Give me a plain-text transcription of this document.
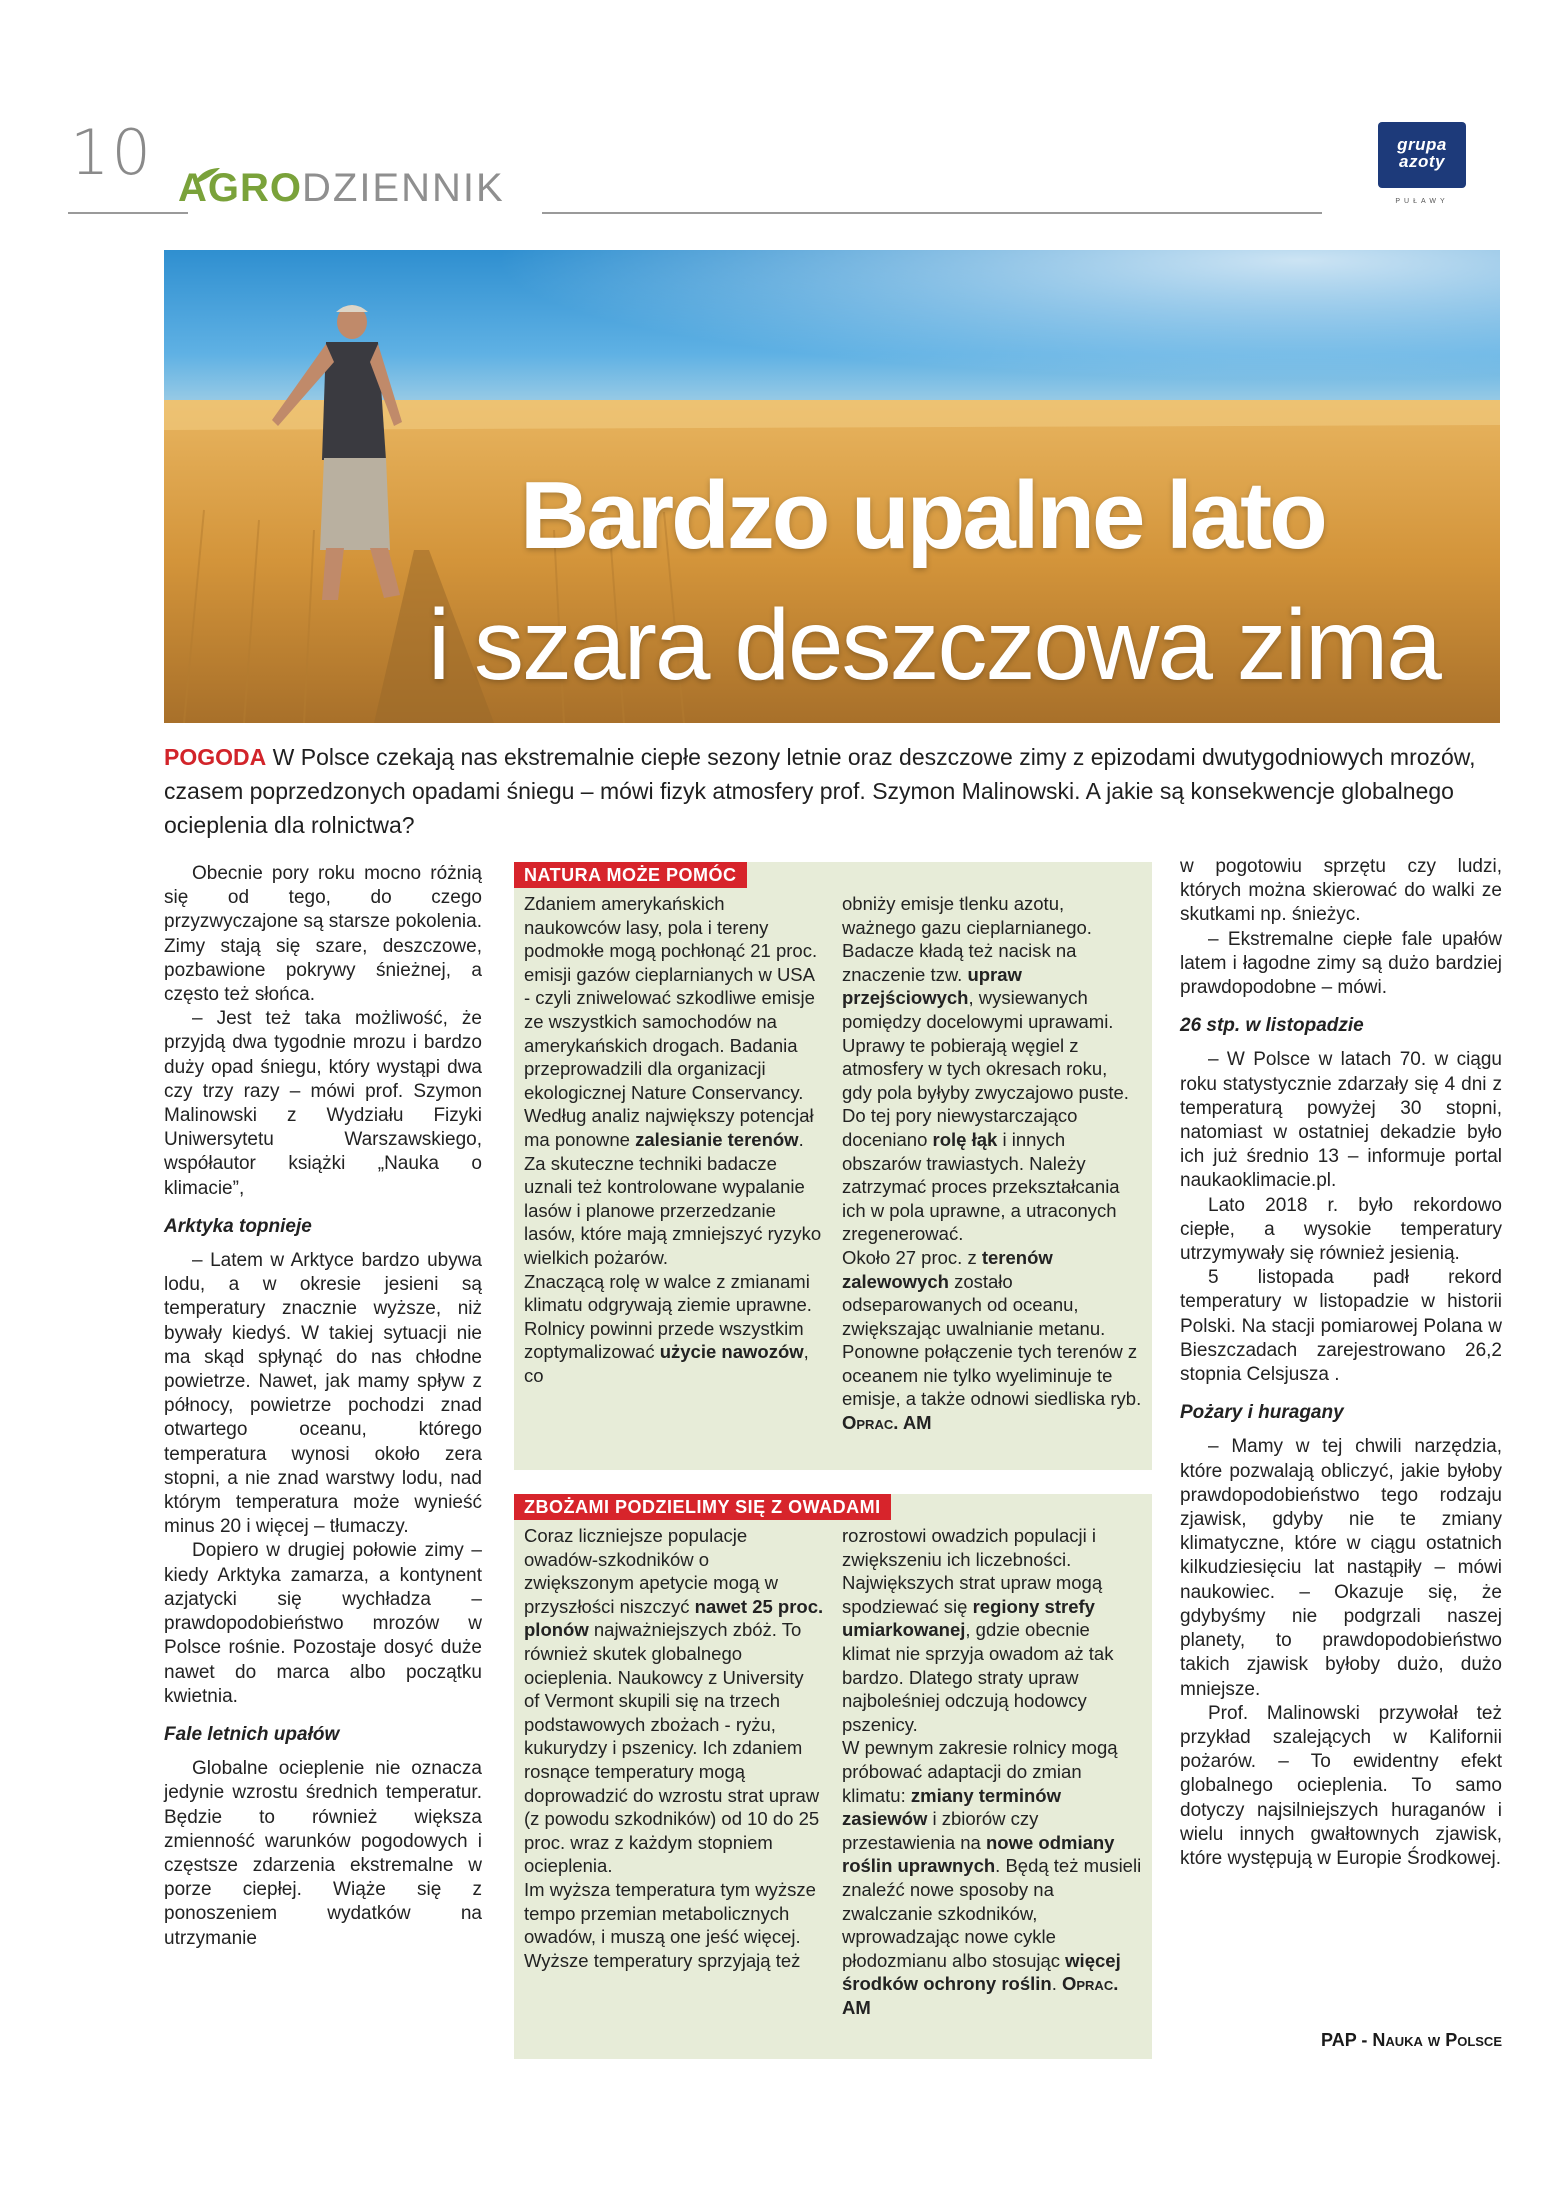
10 AGRODZIENNIK
grupa
azoty
PUŁAWY
Bardzo upalne lato
i szara deszczowa zima
POGODA W Polsce czekają nas ekstremalnie ciepłe sezony letnie oraz deszczowe zimy z epizodami dwutygodniowych mrozów, czasem poprzedzonych opadami śniegu – mówi fizyk atmosfery prof. Szymon Malinowski. A jakie są konsekwencje globalnego ocieplenia dla rolnictwa?

Obecnie pory roku mocno różnią się od tego, do czego przyzwyczajone są starsze pokolenia. Zimy stają się szare, deszczowe, pozbawione pokrywy śnieżnej, a często też słońca.

– Jest też taka możliwość, że przyjdą dwa tygodnie mrozu i bardzo duży opad śniegu, który wystąpi dwa czy trzy razy – mówi prof. Szymon Malinowski z Wydziału Fizyki Uniwersytetu Warszawskiego, współautor książki „Nauka o klimacie”,

Arktyka topnieje

– Latem w Arktyce bardzo ubywa lodu, a w okresie jesieni są temperatury znacznie wyższe, niż bywały kiedyś. W takiej sytuacji nie ma skąd spłynąć do nas chłodne powietrze. Nawet, jak mamy spływ z północy, powietrze pochodzi znad otwartego oceanu, którego temperatura wynosi około zera stopni, a nie znad warstwy lodu, nad którym temperatura może wynieść minus 20 i więcej – tłumaczy.

Dopiero w drugiej połowie zimy – kiedy Arktyka zamarza, a kontynent azjatycki się wychładza – prawdopodobieństwo mrozów w Polsce rośnie. Pozostaje dosyć duże nawet do marca albo początku kwietnia.

Fale letnich upałów

Globalne ocieplenie nie oznacza jedynie wzrostu średnich temperatur. Będzie to również większa zmienność warunków pogodowych i częstsze zdarzenia ekstremalne w porze ciepłej. Wiąże się z ponoszeniem wydatków na utrzymanie

NATURA MOŻE POMÓC
Zdaniem amerykańskich naukowców lasy, pola i tereny podmokłe mogą pochłonąć 21 proc. emisji gazów cieplarnianych w USA - czyli zniwelować szkodliwe emisje ze wszystkich samochodów na amerykańskich drogach. Badania przeprowadzili dla organizacji ekologicznej Nature Conservancy.
Według analiz największy potencjał ma ponowne zalesianie terenów. Za skuteczne techniki badacze uznali też kontrolowane wypalanie lasów i planowe przerzedzanie lasów, które mają zmniejszyć ryzyko wielkich pożarów.
Znaczącą rolę w walce z zmianami klimatu odgrywają ziemie uprawne. Rolnicy powinni przede wszystkim zoptymalizować użycie nawozów, co
obniży emisje tlenku azotu, ważnego gazu cieplarnianego. Badacze kładą też nacisk na znaczenie tzw. upraw przejściowych, wysiewanych pomiędzy docelowymi uprawami. Uprawy te pobierają węgiel z atmosfery w tych okresach roku, gdy pola byłyby zwyczajowo puste.
Do tej pory niewystarczająco doceniano rolę łąk i innych obszarów trawiastych. Należy zatrzymać proces przekształcania ich w pola uprawne, a utraconych zregenerować.
Około 27 proc. z terenów zalewowych zostało odseparowanych od oceanu, zwiększając uwalnianie metanu. Ponowne połączenie tych terenów z oceanem nie tylko wyeliminuje te emisje, a także odnowi siedliska ryb. Oprac. AM
ZBOŻAMI PODZIELIMY SIĘ Z OWADAMI
Coraz liczniejsze populacje owadów-szkodników o zwiększonym apetycie mogą w przyszłości niszczyć nawet 25 proc. plonów najważniejszych zbóż. To również skutek globalnego ocieplenia. Naukowcy z University of Vermont skupili się na trzech podstawowych zbożach - ryżu, kukurydzy i pszenicy. Ich zdaniem rosnące temperatury mogą doprowadzić do wzrostu strat upraw (z powodu szkodników) od 10 do 25 proc. wraz z każdym stopniem ocieplenia.
Im wyższa temperatura tym wyższe tempo przemian metabolicznych owadów, i muszą one jeść więcej.
Wyższe temperatury sprzyjają też
rozrostowi owadzich populacji i zwiększeniu ich liczebności. Największych strat upraw mogą spodziewać się regiony strefy umiarkowanej, gdzie obecnie klimat nie sprzyja owadom aż tak bardzo. Dlatego straty upraw najboleśniej odczują hodowcy pszenicy.
W pewnym zakresie rolnicy mogą próbować adaptacji do zmian klimatu: zmiany terminów zasiewów i zbiorów czy przestawienia na nowe odmiany roślin uprawnych. Będą też musieli znaleźć nowe sposoby na zwalczanie szkodników, wprowadzając nowe cykle płodozmianu albo stosując więcej środków ochrony roślin. Oprac. AM

w pogotowiu sprzętu czy ludzi, których można skierować do walki ze skutkami np. śnieżyc.

– Ekstremalne ciepłe fale upałów latem i łagodne zimy są dużo bardziej prawdopodobne – mówi.

26 stp. w listopadzie

– W Polsce w latach 70. w ciągu roku statystycznie zdarzały się 4 dni z temperaturą powyżej 30 stopni, natomiast w ostatniej dekadzie było ich już średnio 13 – informuje portal naukaoklimacie.pl.

Lato 2018 r. było rekordowo ciepłe, a wysokie temperatury utrzymywały się również jesienią.

5 listopada padł rekord temperatury w listopadzie w historii Polski. Na stacji pomiarowej Polana w Bieszczadach zarejestrowano 26,2 stopnia Celsjusza .

Pożary i huragany

– Mamy w tej chwili narzędzia, które pozwalają obliczyć, jakie byłoby prawdopodobieństwo tego rodzaju zjawisk, gdyby nie te zmiany klimatyczne, które w ciągu ostatnich kilkudziesięciu lat nastąpiły – mówi naukowiec. – Okazuje się, że gdybyśmy nie podgrzali naszej planety, to prawdopodobieństwo takich zjawisk byłoby dużo, dużo mniejsze.

Prof. Malinowski przywołał też przykład szalejących w Kalifornii pożarów. – To ewidentny efekt globalnego ocieplenia. To samo dotyczy najsilniejszych huraganów i wielu innych gwałtownych zjawisk, które występują w Europie Środkowej.

PAP - Nauka w Polsce
